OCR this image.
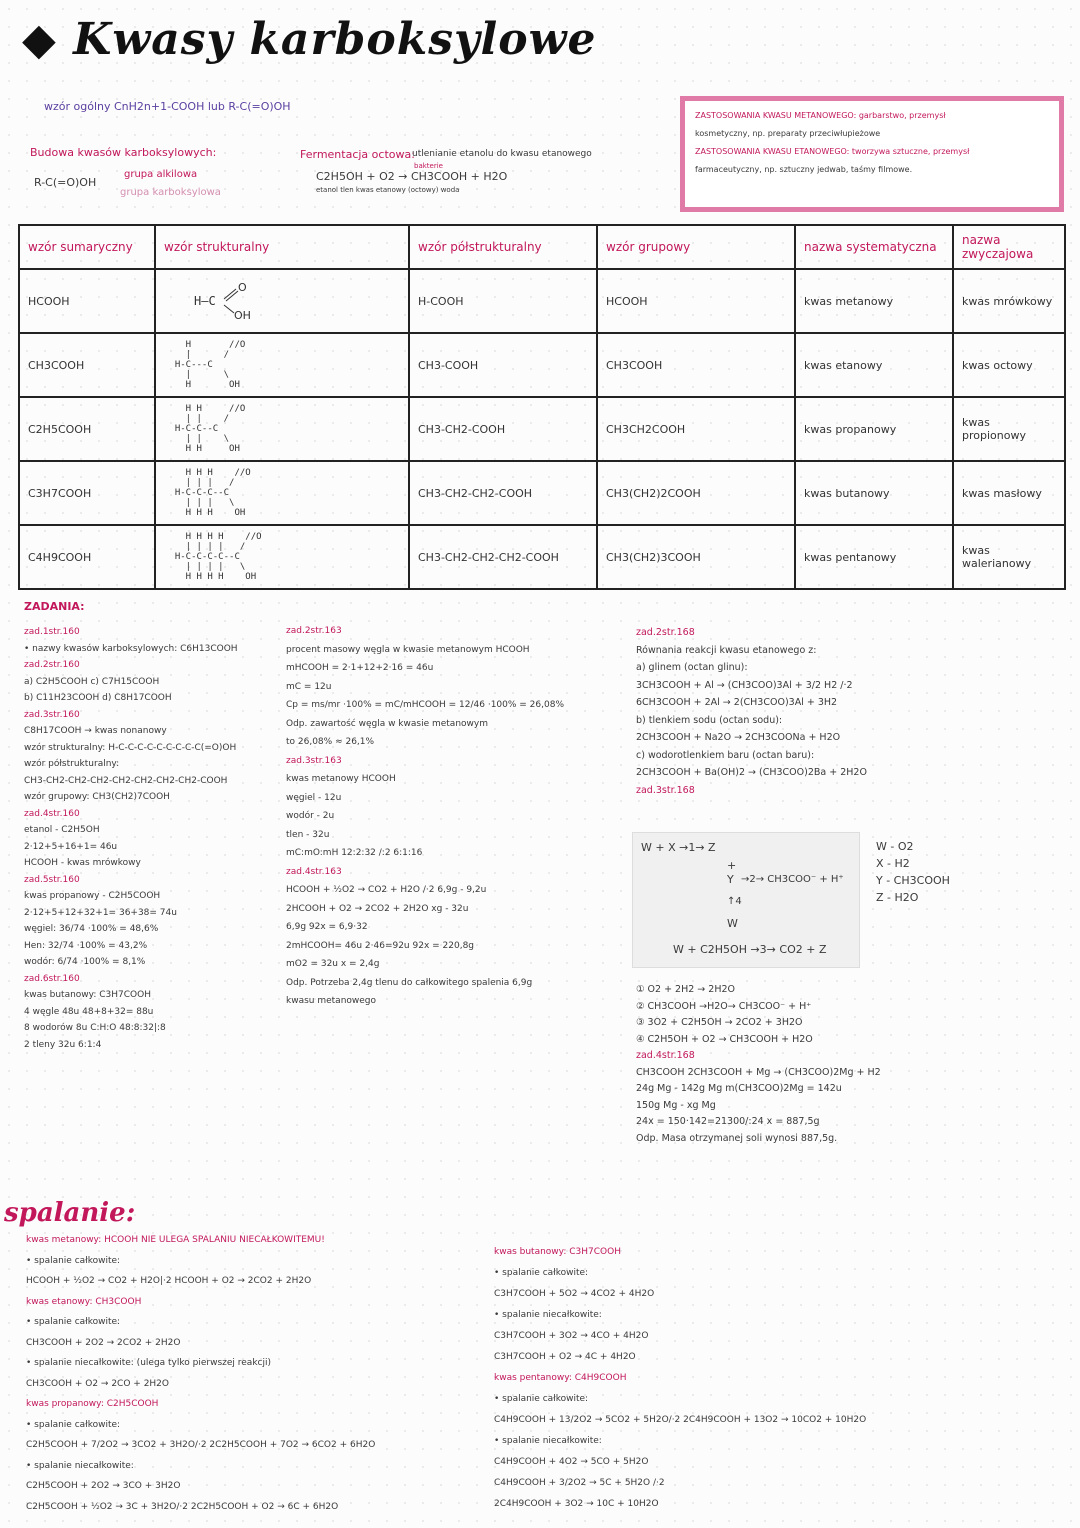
◆ Kwasy karboksylowe
wzór ogólny CnH2n+1-COOH lub R-C(=O)OH
Budowa kwasów karboksylowych:
R-C(=O)OH
grupa alkilowa
grupa karboksylowa
Fermentacja octowa:
utlenianie etanolu do kwasu etanowego
bakterie
C2H5OH + O2 → CH3COOH + H2O
etanol tlen kwas etanowy (octowy) woda
ZASTOSOWANIA KWASU METANOWEGO: garbarstwo, przemysł
kosmetyczny, np. preparaty przeciwłupieżowe
ZASTOSOWANIA KWASU ETANOWEGO: tworzywa sztuczne, przemysł
farmaceutyczny, np. sztuczny jedwab, taśmy filmowe.
wzór sumaryczny	wzór strukturalny	wzór półstrukturalny	wzór grupowy	nazwa systematyczna	nazwa zwyczajowa
HCOOH	H–C
O
OH	H-COOH	HCOOH	kwas metanowy	kwas mrówkowy
CH3COOH	H       //O
|      /
H-C---C
|      \
H       OH	CH3-COOH	CH3COOH	kwas etanowy	kwas octowy
C2H5COOH	H H     //O
| |    /
H-C-C--C
| |    \
H H     OH	CH3-CH2-COOH	CH3CH2COOH	kwas propanowy	kwas propionowy
C3H7COOH	H H H    //O
| | |   /
H-C-C-C--C
| | |   \
H H H    OH	CH3-CH2-CH2-COOH	CH3(CH2)2COOH	kwas butanowy	kwas masłowy
C4H9COOH	H H H H    //O
| | | |   /
H-C-C-C-C--C
| | | |   \
H H H H    OH	CH3-CH2-CH2-CH2-COOH	CH3(CH2)3COOH	kwas pentanowy	kwas walerianowy
ZADANIA:
zad.1str.160
• nazwy kwasów karboksylowych: C6H13COOH
zad.2str.160
a) C2H5COOH c) C7H15COOH
b) C11H23COOH d) C8H17COOH
zad.3str.160
C8H17COOH → kwas nonanowy
wzór strukturalny: H-C-C-C-C-C-C-C-C-C(=O)OH
wzór półstrukturalny:
CH3-CH2-CH2-CH2-CH2-CH2-CH2-CH2-COOH
wzór grupowy: CH3(CH2)7COOH
zad.4str.160
etanol - C2H5OH
2·12+5+16+1= 46u
HCOOH - kwas mrówkowy
zad.5str.160
kwas propanowy - C2H5COOH
2·12+5+12+32+1= 36+38= 74u
węgiel: 36/74 ·100% = 48,6%
Hen: 32/74 ·100% = 43,2%
wodór: 6/74 ·100% = 8,1%
zad.6str.160
kwas butanowy: C3H7COOH
4 węgle 48u 48+8+32= 88u
8 wodorów 8u C:H:O 48:8:32|:8
2 tleny 32u 6:1:4
zad.2str.163
procent masowy węgla w kwasie metanowym HCOOH
mHCOOH = 2·1+12+2·16 = 46u
mC = 12u
Cp = ms/mr ·100% = mC/mHCOOH = 12/46 ·100% = 26,08%
Odp. zawartość węgla w kwasie metanowym
to 26,08% ≈ 26,1%
zad.3str.163
kwas metanowy HCOOH
węgiel - 12u
wodór - 2u
tlen - 32u
mC:mO:mH 12:2:32 /:2 6:1:16
zad.4str.163
HCOOH + ½O2 → CO2 + H2O /·2 6,9g - 9,2u
2HCOOH + O2 → 2CO2 + 2H2O xg - 32u
6,9g 92x = 6,9·32
2mHCOOH= 46u 2·46=92u 92x = 220,8g
mO2 = 32u x = 2,4g
Odp. Potrzeba 2,4g tlenu do całkowitego spalenia 6,9g
kwasu metanowego
zad.2str.168
Równania reakcji kwasu etanowego z:
a) glinem (octan glinu):
3CH3COOH + Al → (CH3COO)3Al + 3/2 H2 /·2
6CH3COOH + 2Al → 2(CH3COO)3Al + 3H2
b) tlenkiem sodu (octan sodu):
2CH3COOH + Na2O → 2CH3COONa + H2O
c) wodorotlenkiem baru (octan baru):
2CH3COOH + Ba(OH)2 → (CH3COO)2Ba + 2H2O
zad.3str.168
W + X →1→ Z
+
Y →2→ CH3COO⁻ + H⁺
↑4
W
W + C2H5OH →3→ CO2 + Z
W - O2
X - H2
Y - CH3COOH
Z - H2O
① O2 + 2H2 → 2H2O
② CH3COOH →H2O→ CH3COO⁻ + H⁺
③ 3O2 + C2H5OH → 2CO2 + 3H2O
④ C2H5OH + O2 → CH3COOH + H2O
zad.4str.168
CH3COOH 2CH3COOH + Mg → (CH3COO)2Mg + H2
24g Mg - 142g Mg m(CH3COO)2Mg = 142u
150g Mg - xg Mg
24x = 150·142=21300/:24 x = 887,5g
Odp. Masa otrzymanej soli wynosi 887,5g.
spalanie:
kwas metanowy: HCOOH NIE ULEGA SPALANIU NIECAŁKOWITEMU!
• spalanie całkowite:
HCOOH + ½O2 → CO2 + H2O|·2 HCOOH + O2 → 2CO2 + 2H2O
kwas etanowy: CH3COOH
• spalanie całkowite:
CH3COOH + 2O2 → 2CO2 + 2H2O
• spalanie niecałkowite: (ulega tylko pierwszej reakcji)
CH3COOH + O2 → 2CO + 2H2O
kwas propanowy: C2H5COOH
• spalanie całkowite:
C2H5COOH + 7/2O2 → 3CO2 + 3H2O/·2 2C2H5COOH + 7O2 → 6CO2 + 6H2O
• spalanie niecałkowite:
C2H5COOH + 2O2 → 3CO + 3H2O
C2H5COOH + ½O2 → 3C + 3H2O/·2 2C2H5COOH + O2 → 6C + 6H2O
kwas butanowy: C3H7COOH
• spalanie całkowite:
C3H7COOH + 5O2 → 4CO2 + 4H2O
• spalanie niecałkowite:
C3H7COOH + 3O2 → 4CO + 4H2O
C3H7COOH + O2 → 4C + 4H2O
kwas pentanowy: C4H9COOH
• spalanie całkowite:
C4H9COOH + 13/2O2 → 5CO2 + 5H2O/·2 2C4H9COOH + 13O2 → 10CO2 + 10H2O
• spalanie niecałkowite:
C4H9COOH + 4O2 → 5CO + 5H2O
C4H9COOH + 3/2O2 → 5C + 5H2O /·2
2C4H9COOH + 3O2 → 10C + 10H2O
